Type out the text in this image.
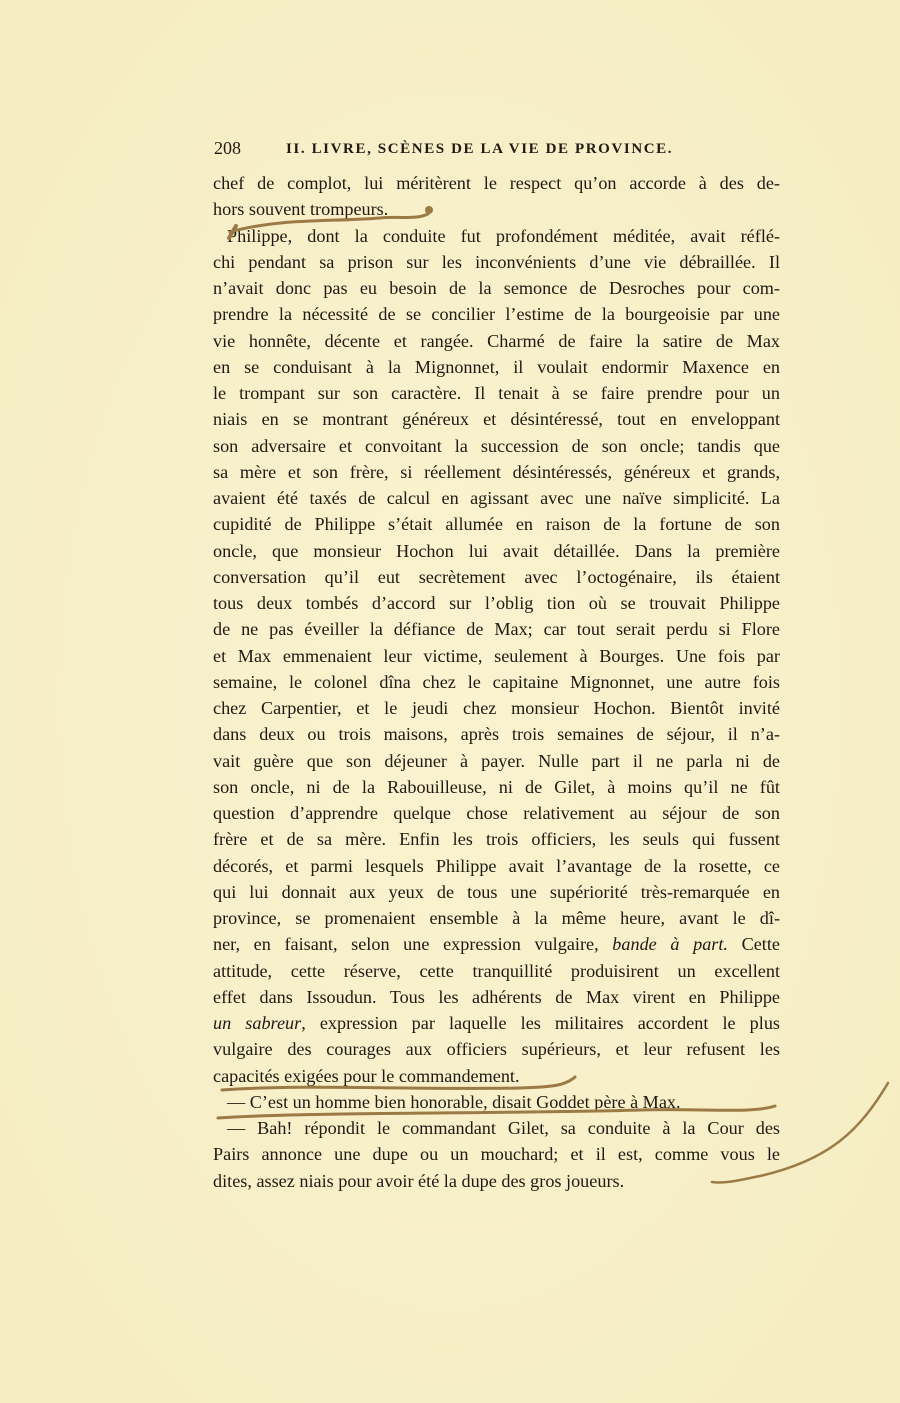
208	II. LIVRE, SCÈNES DE LA VIE DE PROVINCE.
chef de complot, lui méritèrent le respect qu’on accorde à des de-
hors souvent trompeurs.
Philippe, dont la conduite fut profondément méditée, avait réflé-
chi pendant sa prison sur les inconvénients d’une vie débraillée. Il
n’avait donc pas eu besoin de la semonce de Desroches pour com-
prendre la nécessité de se concilier l’estime de la bourgeoisie par une
vie honnête, décente et rangée. Charmé de faire la satire de Max
en se conduisant à la Mignonnet, il voulait endormir Maxence en
le trompant sur son caractère. Il tenait à se faire prendre pour un
niais en se montrant généreux et désintéressé, tout en enveloppant
son adversaire et convoitant la succession de son oncle; tandis que
sa mère et son frère, si réellement désintéressés, généreux et grands,
avaient été taxés de calcul en agissant avec une naïve simplicité. La
cupidité de Philippe s’était allumée en raison de la fortune de son
oncle, que monsieur Hochon lui avait détaillée. Dans la première
conversation qu’il eut secrètement avec l’octogénaire, ils étaient
tous deux tombés d’accord sur l’oblig tion où se trouvait Philippe
de ne pas éveiller la défiance de Max; car tout serait perdu si Flore
et Max emmenaient leur victime, seulement à Bourges. Une fois par
semaine, le colonel dîna chez le capitaine Mignonnet, une autre fois
chez Carpentier, et le jeudi chez monsieur Hochon. Bientôt invité
dans deux ou trois maisons, après trois semaines de séjour, il n’a-
vait guère que son déjeuner à payer. Nulle part il ne parla ni de
son oncle, ni de la Rabouilleuse, ni de Gilet, à moins qu’il ne fût
question d’apprendre quelque chose relativement au séjour de son
frère et de sa mère. Enfin les trois officiers, les seuls qui fussent
décorés, et parmi lesquels Philippe avait l’avantage de la rosette, ce
qui lui donnait aux yeux de tous une supériorité très-remarquée en
province, se promenaient ensemble à la même heure, avant le dî-
ner, en faisant, selon une expression vulgaire, bande à part. Cette
attitude, cette réserve, cette tranquillité produisirent un excellent
effet dans Issoudun. Tous les adhérents de Max virent en Philippe
un sabreur, expression par laquelle les militaires accordent le plus
vulgaire des courages aux officiers supérieurs, et leur refusent les
capacités exigées pour le commandement.
— C’est un homme bien honorable, disait Goddet père à Max.
— Bah! répondit le commandant Gilet, sa conduite à la Cour des
Pairs annonce une dupe ou un mouchard; et il est, comme vous le
dites, assez niais pour avoir été la dupe des gros joueurs.
